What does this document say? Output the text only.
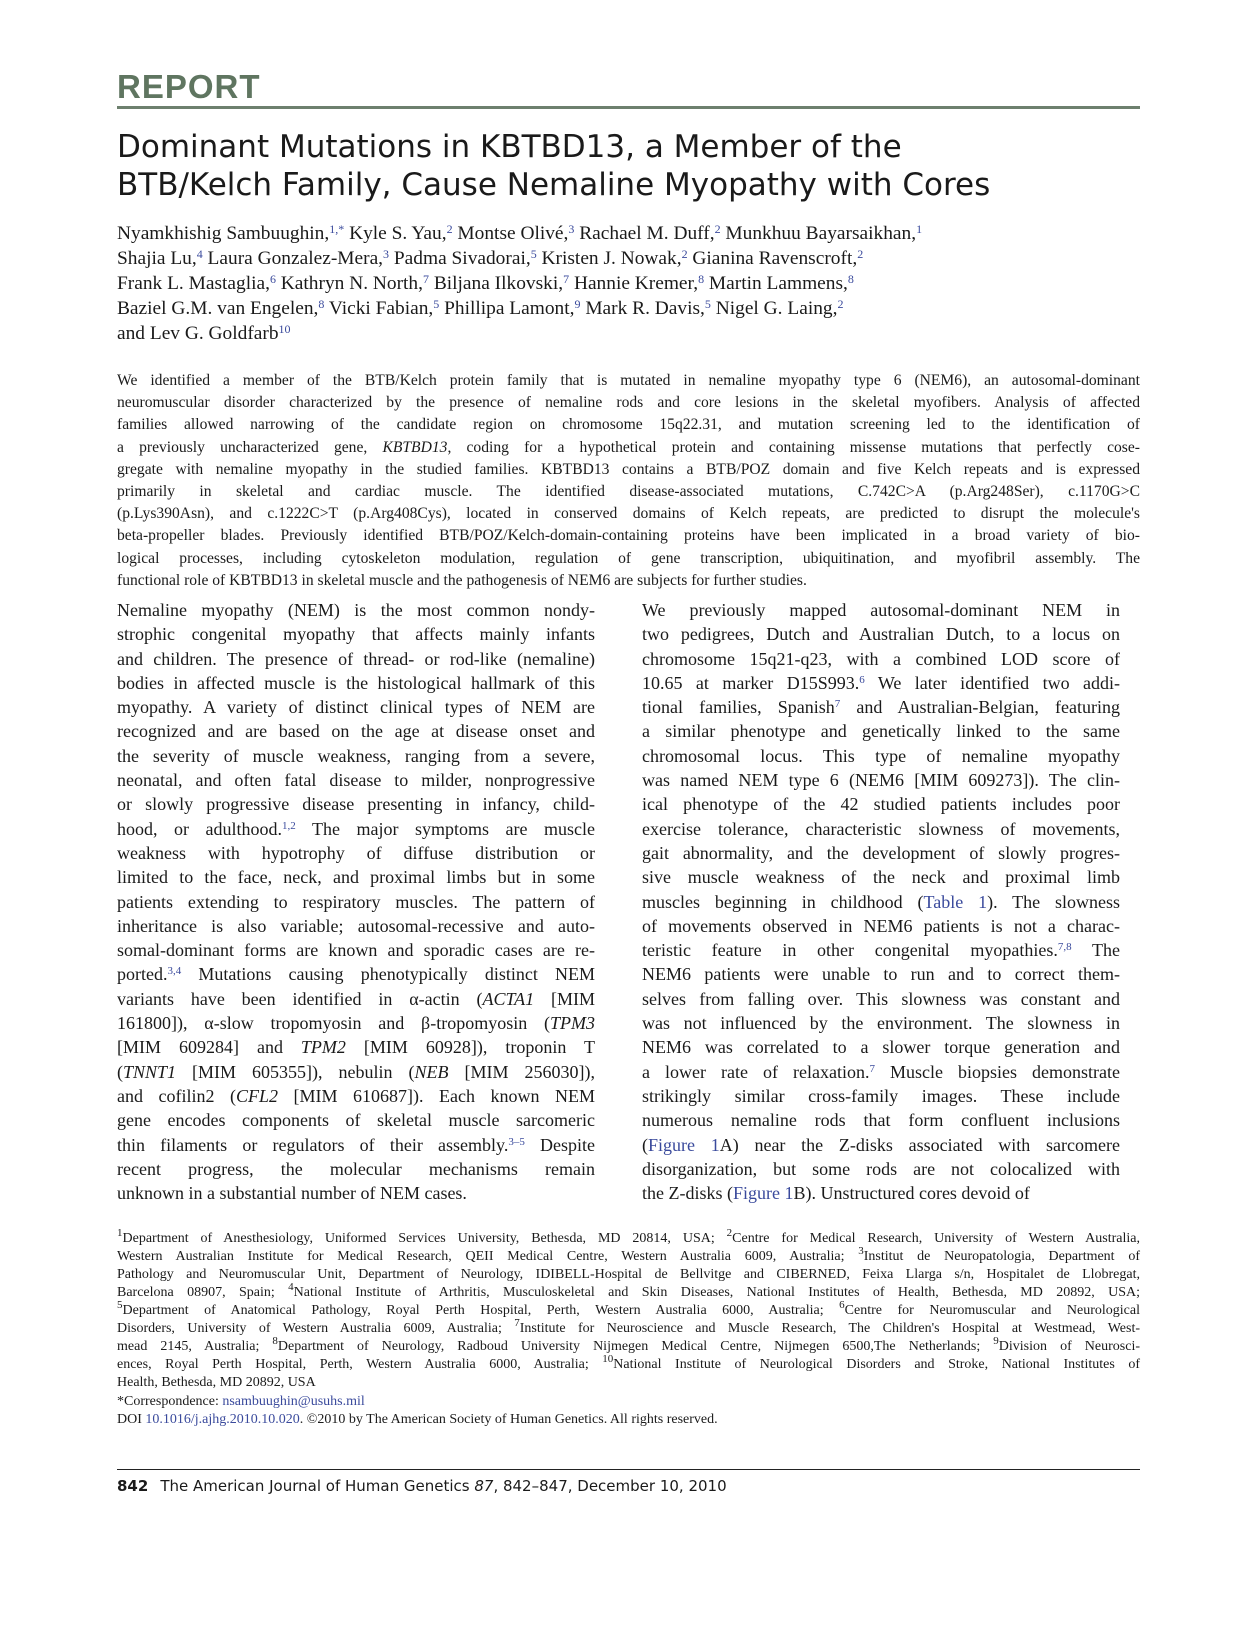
REPORT
Dominant Mutations in KBTBD13, a Member of the
BTB/Kelch Family, Cause Nemaline Myopathy with Cores
Nyamkhishig Sambuughin,$^{1,*}$ Kyle S. Yau,$^2$ Montse Olivé,$^3$ Rachael M. Duff,$^2$ Munkhuu Bayarsaikhan,$^1$
Shajia Lu,$^4$ Laura Gonzalez-Mera,$^3$ Padma Sivadorai,$^5$ Kristen J. Nowak,$^2$ Gianina Ravenscroft,$^2$
Frank L. Mastaglia,$^6$ Kathryn N. North,$^7$ Biljana Ilkovski,$^7$ Hannie Kremer,$^8$ Martin Lammens,$^8$
Baziel G.M. van Engelen,$^8$ Vicki Fabian,$^5$ Phillipa Lamont,$^9$ Mark R. Davis,$^5$ Nigel G. Laing,$^2$
and Lev G. Goldfarb$^{10}$
We identified a member of the BTB/Kelch protein family that is mutated in nemaline myopathy type 6 (NEM6), an autosomal-dominant
neuromuscular disorder characterized by the presence of nemaline rods and core lesions in the skeletal myofibers. Analysis of affected
families allowed narrowing of the candidate region on chromosome 15q22.31, and mutation screening led to the identification of
a previously uncharacterized gene, KBTBD13, coding for a hypothetical protein and containing missense mutations that perfectly cose-
gregate with nemaline myopathy in the studied families. KBTBD13 contains a BTB/POZ domain and five Kelch repeats and is expressed
primarily in skeletal and cardiac muscle. The identified disease-associated mutations, C.742C>A (p.Arg248Ser), c.1170G>C
(p.Lys390Asn), and c.1222C>T (p.Arg408Cys), located in conserved domains of Kelch repeats, are predicted to disrupt the molecule's
beta-propeller blades. Previously identified BTB/POZ/Kelch-domain-containing proteins have been implicated in a broad variety of bio-
logical processes, including cytoskeleton modulation, regulation of gene transcription, ubiquitination, and myofibril assembly. The
functional role of KBTBD13 in skeletal muscle and the pathogenesis of NEM6 are subjects for further studies.
Nemaline myopathy (NEM) is the most common nondy-
strophic congenital myopathy that affects mainly infants
and children. The presence of thread- or rod-like (nemaline)
bodies in affected muscle is the histological hallmark of this
myopathy. A variety of distinct clinical types of NEM are
recognized and are based on the age at disease onset and
the severity of muscle weakness, ranging from a severe,
neonatal, and often fatal disease to milder, nonprogressive
or slowly progressive disease presenting in infancy, child-
hood, or adulthood.$^{1,2}$ The major symptoms are muscle
weakness with hypotrophy of diffuse distribution or
limited to the face, neck, and proximal limbs but in some
patients extending to respiratory muscles. The pattern of
inheritance is also variable; autosomal-recessive and auto-
somal-dominant forms are known and sporadic cases are re-
ported.$^{3,4}$ Mutations causing phenotypically distinct NEM
variants have been identified in α-actin (ACTA1 [MIM
161800]), α-slow tropomyosin and β-tropomyosin (TPM3
[MIM 609284] and TPM2 [MIM 60928]), troponin T
(TNNT1 [MIM 605355]), nebulin (NEB [MIM 256030]),
and cofilin2 (CFL2 [MIM 610687]). Each known NEM
gene encodes components of skeletal muscle sarcomeric
thin filaments or regulators of their assembly.$^{3-5}$ Despite
recent progress, the molecular mechanisms remain
unknown in a substantial number of NEM cases.
We previously mapped autosomal-dominant NEM in
two pedigrees, Dutch and Australian Dutch, to a locus on
chromosome 15q21-q23, with a combined LOD score of
10.65 at marker D15S993.$^6$ We later identified two addi-
tional families, Spanish$^7$ and Australian-Belgian, featuring
a similar phenotype and genetically linked to the same
chromosomal locus. This type of nemaline myopathy
was named NEM type 6 (NEM6 [MIM 609273]). The clin-
ical phenotype of the 42 studied patients includes poor
exercise tolerance, characteristic slowness of movements,
gait abnormality, and the development of slowly progres-
sive muscle weakness of the neck and proximal limb
muscles beginning in childhood (Table 1). The slowness
of movements observed in NEM6 patients is not a charac-
teristic feature in other congenital myopathies.$^{7,8}$ The
NEM6 patients were unable to run and to correct them-
selves from falling over. This slowness was constant and
was not influenced by the environment. The slowness in
NEM6 was correlated to a slower torque generation and
a lower rate of relaxation.$^7$ Muscle biopsies demonstrate
strikingly similar cross-family images. These include
numerous nemaline rods that form confluent inclusions
(Figure 1A) near the Z-disks associated with sarcomere
disorganization, but some rods are not colocalized with
the Z-disks (Figure 1B). Unstructured cores devoid of
$^1$Department of Anesthesiology, Uniformed Services University, Bethesda, MD 20814, USA; $^2$Centre for Medical Research, University of Western Australia,
Western Australian Institute for Medical Research, QEII Medical Centre, Western Australia 6009, Australia; $^3$Institut de Neuropatologia, Department of
Pathology and Neuromuscular Unit, Department of Neurology, IDIBELL-Hospital de Bellvitge and CIBERNED, Feixa Llarga s/n, Hospitalet de Llobregat,
Barcelona 08907, Spain; $^4$National Institute of Arthritis, Musculoskeletal and Skin Diseases, National Institutes of Health, Bethesda, MD 20892, USA;
$^5$Department of Anatomical Pathology, Royal Perth Hospital, Perth, Western Australia 6000, Australia; $^6$Centre for Neuromuscular and Neurological
Disorders, University of Western Australia 6009, Australia; $^7$Institute for Neuroscience and Muscle Research, The Children's Hospital at Westmead, West-
mead 2145, Australia; $^8$Department of Neurology, Radboud University Nijmegen Medical Centre, Nijmegen 6500,The Netherlands; $^9$Division of Neurosci-
ences, Royal Perth Hospital, Perth, Western Australia 6000, Australia; $^{10}$National Institute of Neurological Disorders and Stroke, National Institutes of
Health, Bethesda, MD 20892, USA
*Correspondence: nsambuughin@usuhs.mil
DOI 10.1016/j.ajhg.2010.10.020. ©2010 by The American Society of Human Genetics. All rights reserved.
842 The American Journal of Human Genetics 87, 842–847, December 10, 2010
